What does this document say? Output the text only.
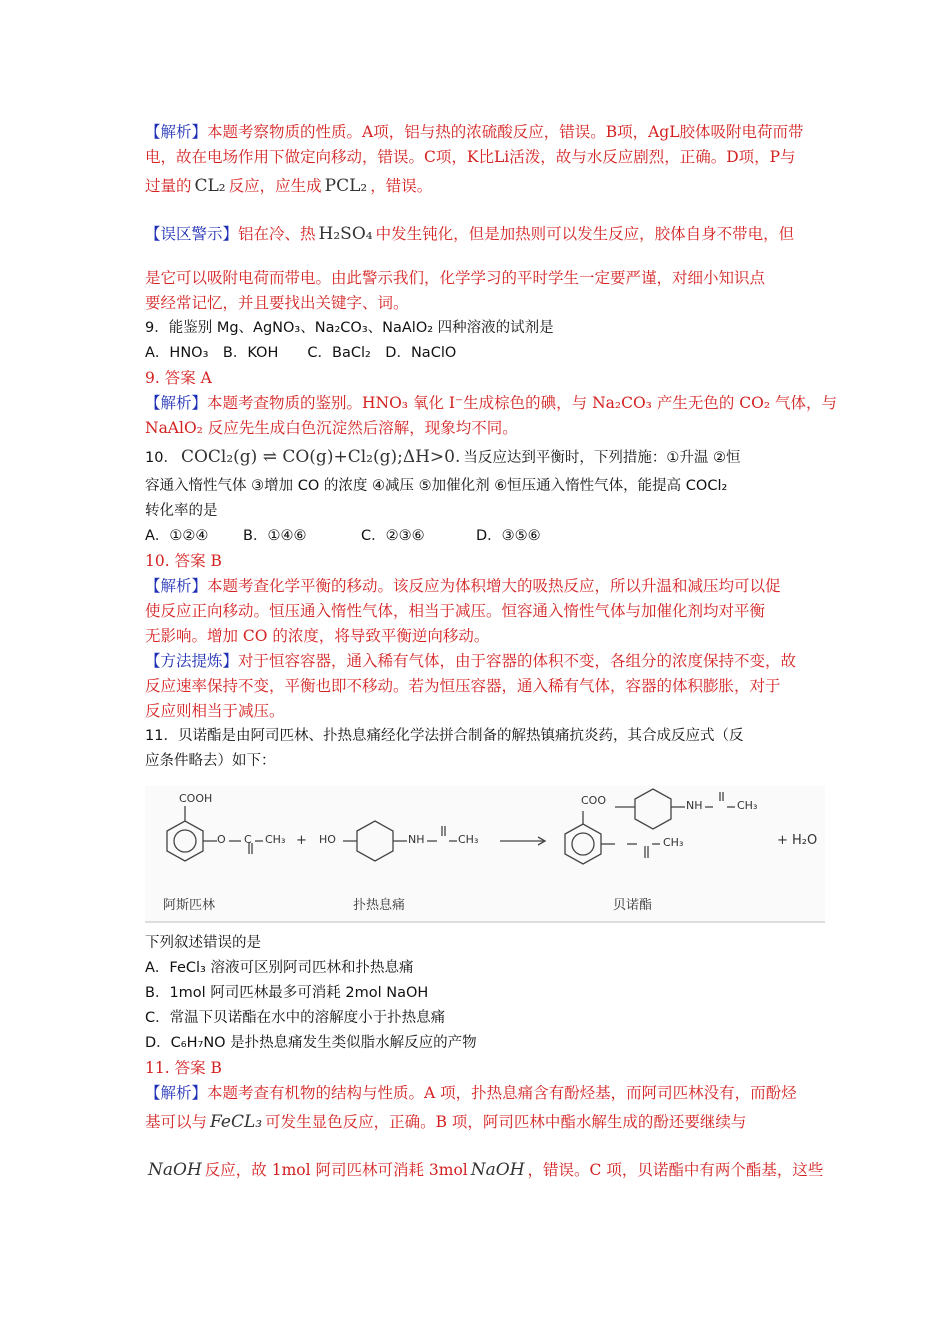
【解析】本题考察物质的性质。A项，铝与热的浓硫酸反应，错误。B项，AgL胶体吸附电荷而带
电，故在电场作用下做定向移动，错误。C项，K比Li活泼，故与水反应剧烈，正确。D项，P与
过量的 CL₂ 反应，应生成 PCL₂ ，错误。
【误区警示】铝在冷、热 H₂SO₄ 中发生钝化，但是加热则可以发生反应，胶体自身不带电，但
是它可以吸附电荷而带电。由此警示我们，化学学习的平时学生一定要严谨，对细小知识点
要经常记忆，并且要找出关键字、词。
9．能鉴别 Mg、AgNO₃、Na₂CO₃、NaAlO₂ 四种溶液的试剂是
A．HNO₃　B．KOH　　C．BaCl₂　D．NaClO
9. 答案 A
【解析】本题考查物质的鉴别。HNO₃ 氧化 I⁻生成棕色的碘，与 Na₂CO₃ 产生无色的 CO₂ 气体，与
NaAlO₂ 反应先生成白色沉淀然后溶解，现象均不同。
10． COCl₂(g) ⇌ CO(g)+Cl₂(g);ΔH>0. 当反应达到平衡时，下列措施：①升温 ②恒
容通入惰性气体 ③增加 CO 的浓度 ④减压 ⑤加催化剂 ⑥恒压通入惰性气体，能提高 COCl₂
转化率的是
A．①②④ B．①④⑥	C．②③⑥	D．③⑤⑥
10. 答案 B
【解析】本题考查化学平衡的移动。该反应为体积增大的吸热反应，所以升温和减压均可以促
使反应正向移动。恒压通入惰性气体，相当于减压。恒容通入惰性气体与加催化剂均对平衡
无影响。增加 CO 的浓度，将导致平衡逆向移动。
【方法提炼】对于恒容容器，通入稀有气体，由于容器的体积不变，各组分的浓度保持不变，故
反应速率保持不变，平衡也即不移动。若为恒压容器，通入稀有气体，容器的体积膨胀，对于
反应则相当于减压。
11．贝诺酯是由阿司匹林、扑热息痛经化学法拼合制备的解热镇痛抗炎药，其合成反应式（反
应条件略去）如下：
COOH
O C CH₃ + HO	NH	CH₃
COO	NH	CH₃
CH₃	+ H₂O
阿斯匹林	扑热息痛	贝诺酯
下列叙述错误的是
A．FeCl₃ 溶液可区别阿司匹林和扑热息痛
B．1mol 阿司匹林最多可消耗 2mol NaOH
C．常温下贝诺酯在水中的溶解度小于扑热息痛
D．C₆H₇NO 是扑热息痛发生类似脂水解反应的产物
11. 答案 B
【解析】本题考查有机物的结构与性质。A 项，扑热息痛含有酚烃基，而阿司匹林没有，而酚烃
基可以与 FeCL₃ 可发生显色反应，正确。B 项，阿司匹林中酯水解生成的酚还要继续与
NaOH 反应，故 1mol 阿司匹林可消耗 3mol NaOH ，错误。C 项，贝诺酯中有两个酯基，这些
